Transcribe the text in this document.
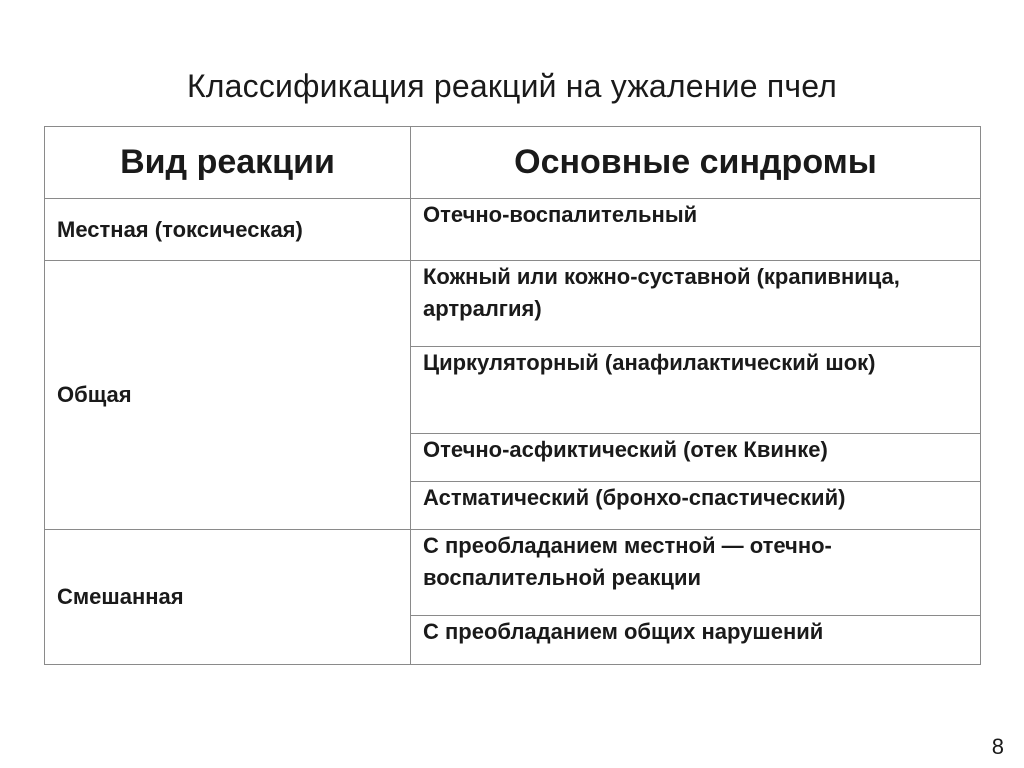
Классификация реакций на ужаление пчел
Вид реакции	Основные синдромы
Местная (токсическая)	Отечно-воспалительный
Общая	Кожный или кожно-суставной (крапивница, артралгия)
	Циркуляторный (анафилактический шок)
	Отечно-асфиктический (отек Квинке)
	Астматический (бронхо-спастический)
Смешанная	С преобладанием местной — отечно-воспалительной реакции
	С преобладанием общих нарушений
8
